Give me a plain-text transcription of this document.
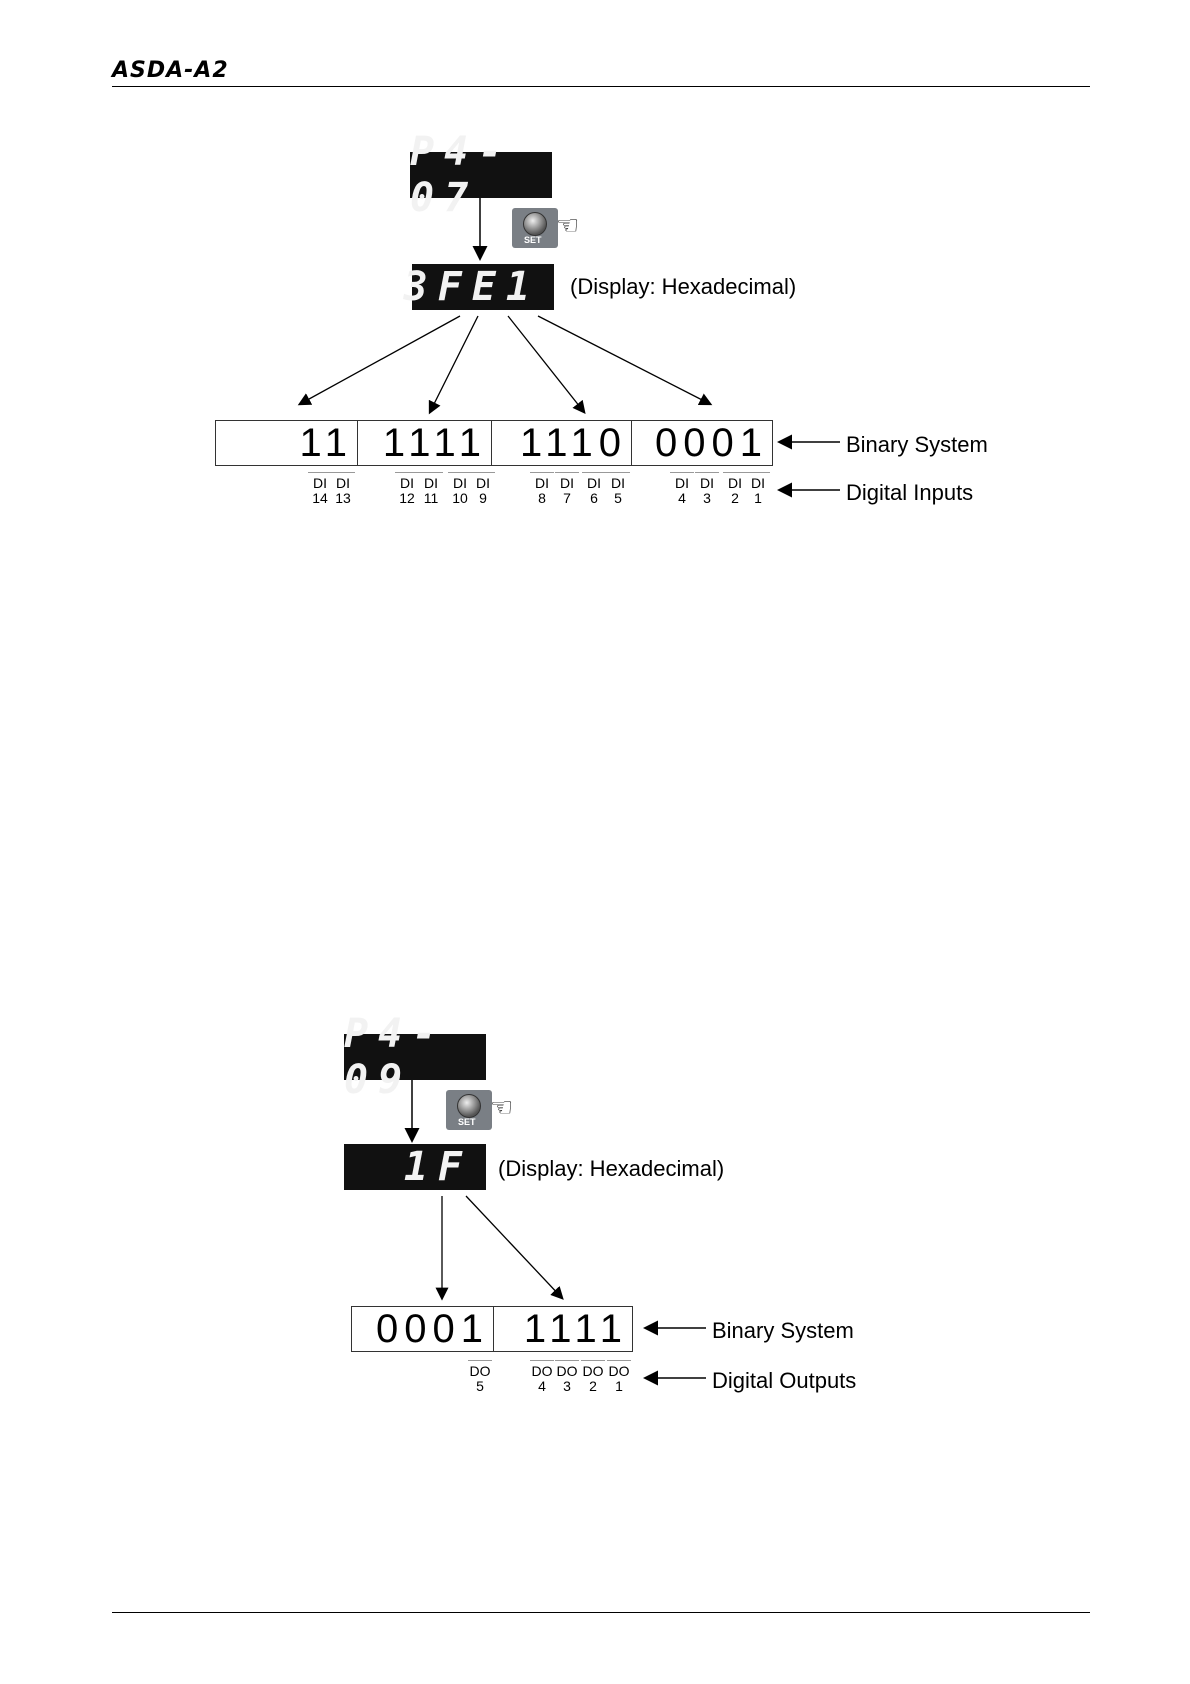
ASDA-A2
P4-07
SET ☜
3FE1	(Display: Hexadecimal)
11 1111 1110 0001	Binary System
Digital Inputs
DI
14
DI
13
DI
12
DI
11
DI
10
DI
9
DI
8
DI
7
DI
6
DI
5
DI
4
DI
3
DI
2
DI
1
P4-09
SET ☜
1F	(Display: Hexadecimal)
0001 1111	Binary System
Digital Outputs
DO
5
DO
4
DO
3
DO
2
DO
1
